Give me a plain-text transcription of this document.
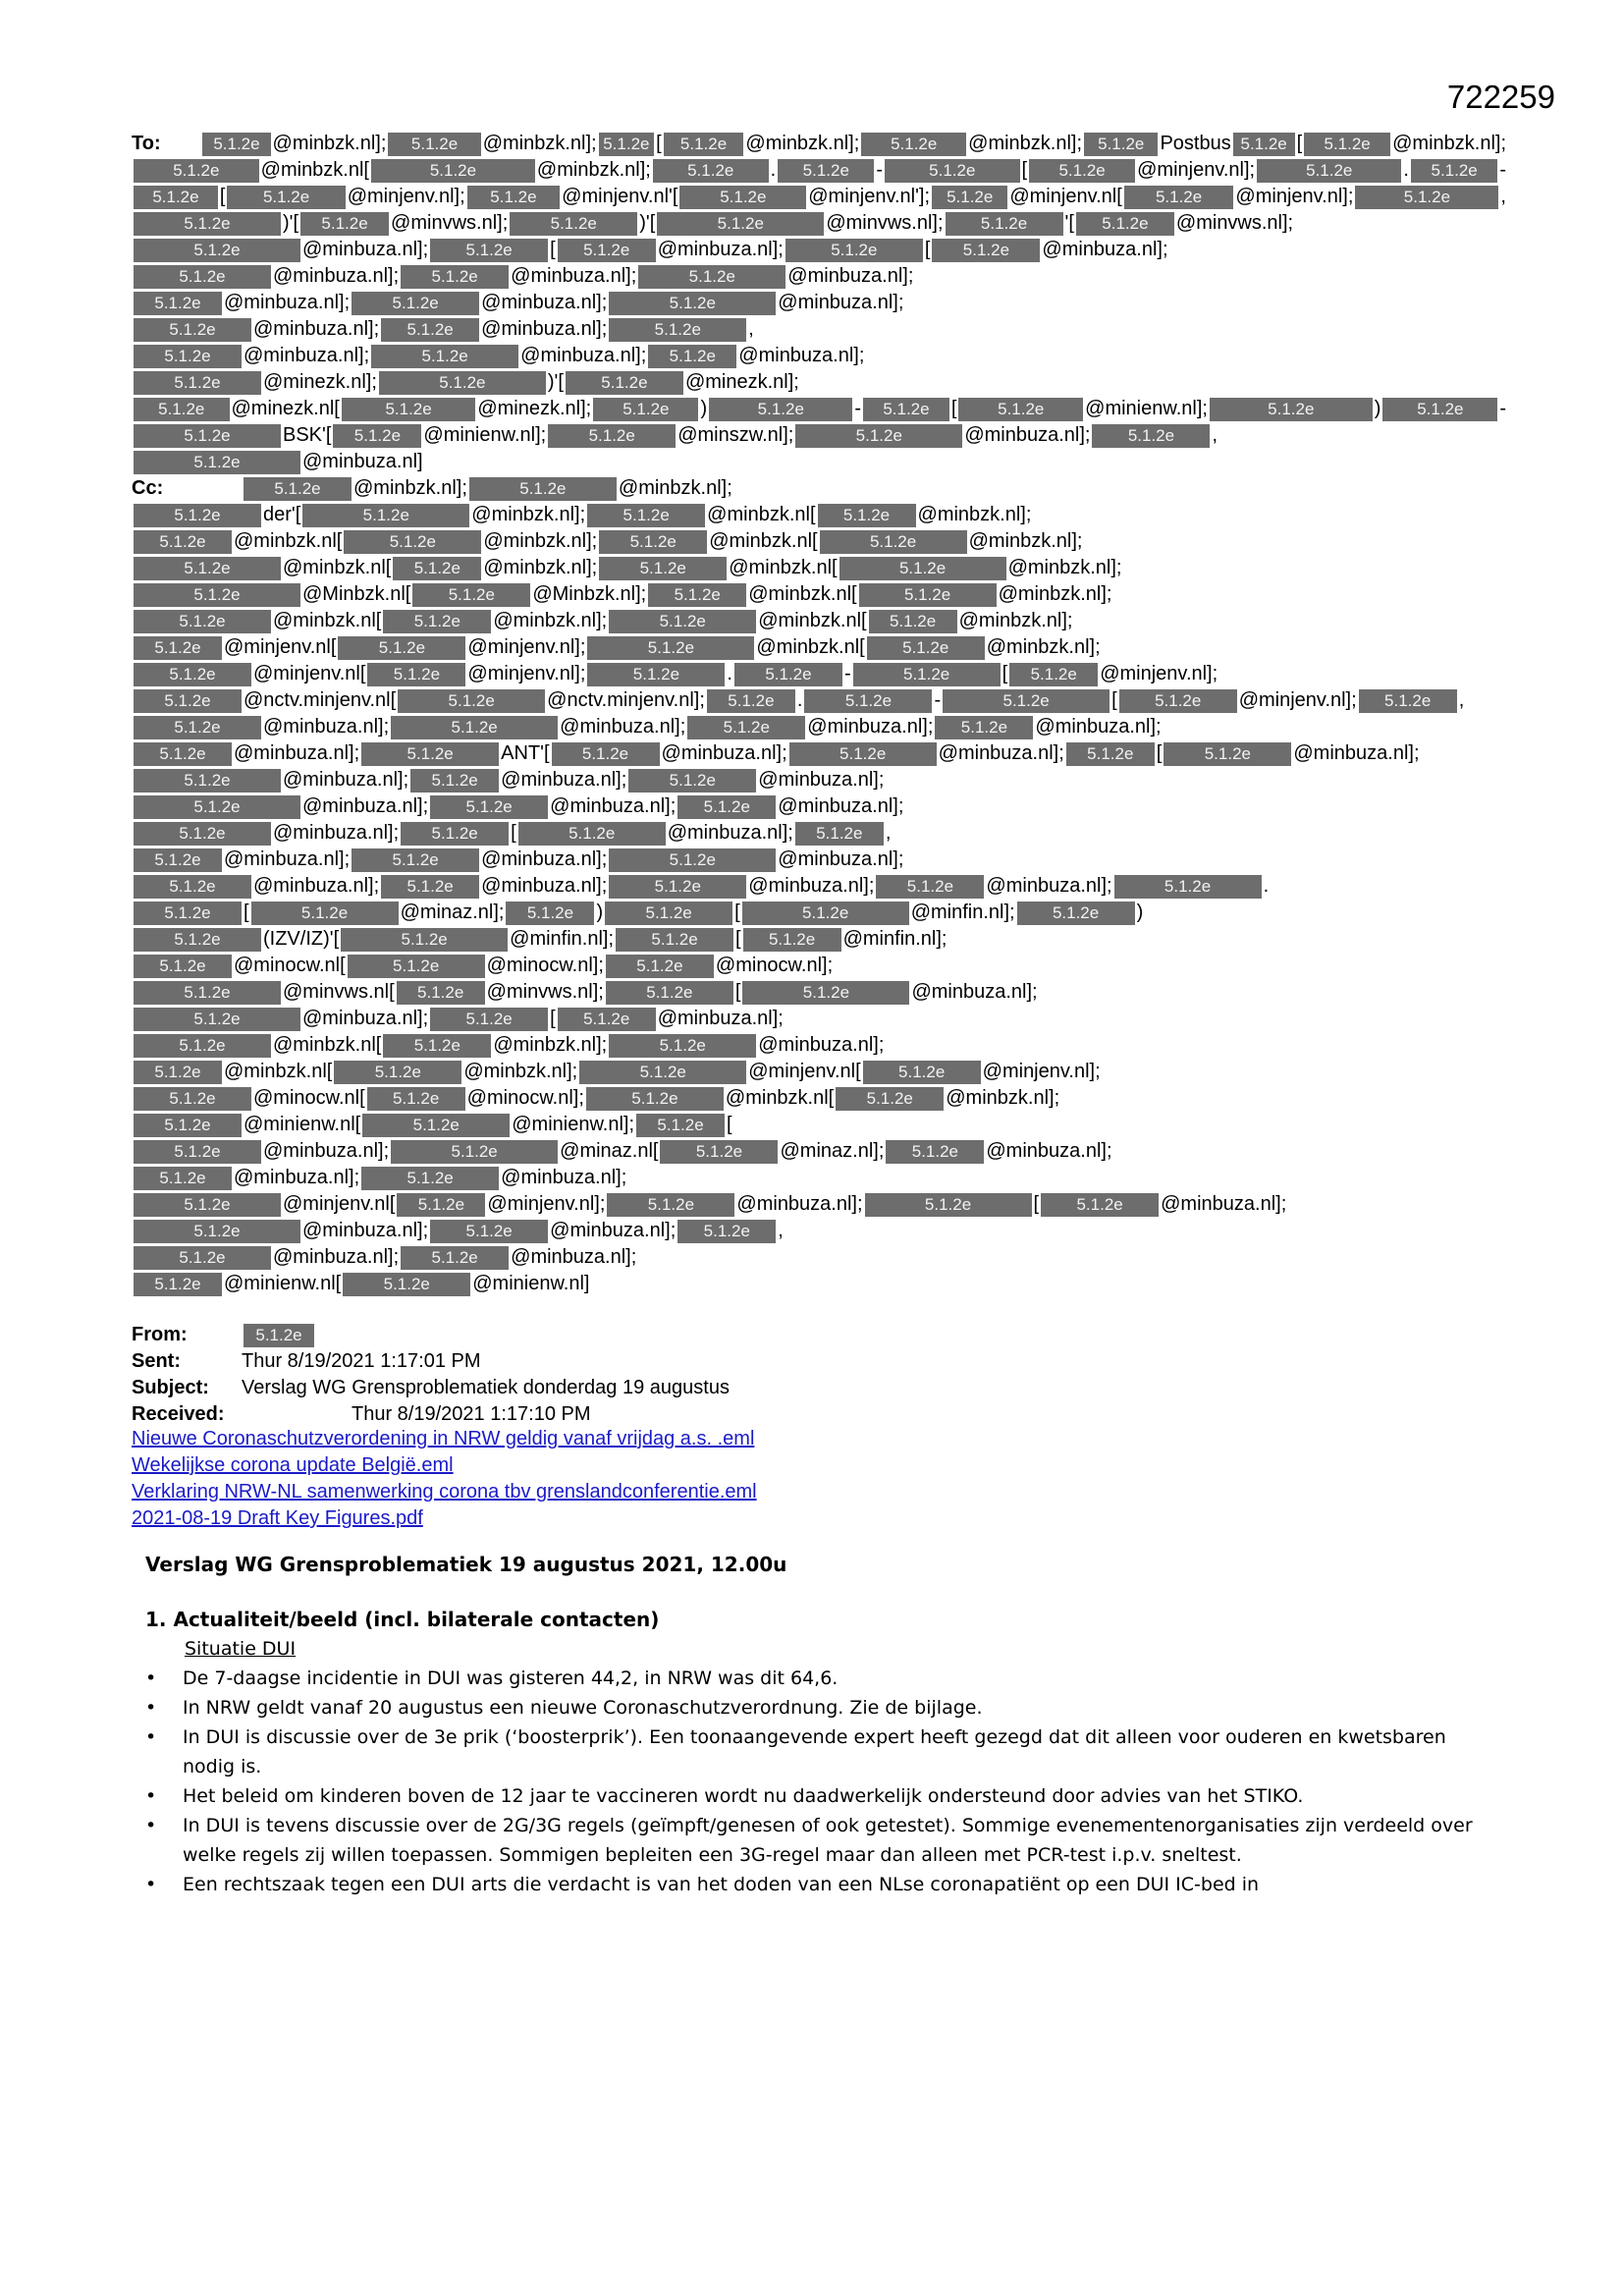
722259
To:	5.1.2e @minbzk.nl];	5.1.2e	@minbzk.nl]; 5.1.2e [	5.1.2e @minbzk.nl];	5.1.2e	@minbzk.nl]; 5.1.2e Postbus 5.1.2e [	5.1.2e	@minbzk.nl];
5.1.2e	@minbzk.nl[	5.1.2e	@minbzk.nl];	5.1.2e	.	5.1.2e	-	5.1.2e	[	5.1.2e	@minjenv.nl];	5.1.2e	.	5.1.2e	-
5.1.2e	[	5.1.2e	@minjenv.nl];	5.1.2e	@minjenv.nl'[	5.1.2e	@minjenv.nl'];	5.1.2e @minjenv.nl[	5.1.2e	@minjenv.nl];	5.1.2e	,
5.1.2e	)'[	5.1.2e	@minvws.nl];	5.1.2e	)'[	5.1.2e	@minvws.nl];	5.1.2e	'[	5.1.2e	@minvws.nl];
5.1.2e	@minbuza.nl];	5.1.2e	[	5.1.2e	@minbuza.nl];	5.1.2e	[	5.1.2e	@minbuza.nl];
5.1.2e	@minbuza.nl];	5.1.2e	@minbuza.nl];	5.1.2e	@minbuza.nl];
5.1.2e	@minbuza.nl];	5.1.2e	@minbuza.nl];	5.1.2e	@minbuza.nl];
5.1.2e	@minbuza.nl];	5.1.2e	@minbuza.nl];	5.1.2e	,
5.1.2e	@minbuza.nl];	5.1.2e	@minbuza.nl];	5.1.2e	@minbuza.nl];
5.1.2e	@minezk.nl];	5.1.2e	)'[	5.1.2e	@minezk.nl];
5.1.2e	@minezk.nl[	5.1.2e	@minezk.nl];	5.1.2e	)	5.1.2e	-	5.1.2e	[	5.1.2e	@minienw.nl];	5.1.2e	)	5.1.2e	-
5.1.2e	BSK'[	5.1.2e	@minienw.nl];	5.1.2e	@minszw.nl];	5.1.2e	@minbuza.nl];	5.1.2e	,
5.1.2e	@minbuza.nl]
Cc:	5.1.2e	@minbzk.nl];	5.1.2e	@minbzk.nl];
5.1.2e	der'[	5.1.2e	@minbzk.nl];	5.1.2e	@minbzk.nl[	5.1.2e	@minbzk.nl];
5.1.2e	@minbzk.nl[	5.1.2e	@minbzk.nl];	5.1.2e	@minbzk.nl[	5.1.2e	@minbzk.nl];
5.1.2e	@minbzk.nl[	5.1.2e	@minbzk.nl];	5.1.2e	@minbzk.nl[	5.1.2e	@minbzk.nl];
5.1.2e	@Minbzk.nl[	5.1.2e	@Minbzk.nl];	5.1.2e	@minbzk.nl[	5.1.2e	@minbzk.nl];
5.1.2e	@minbzk.nl[	5.1.2e	@minbzk.nl];	5.1.2e	@minbzk.nl[	5.1.2e	@minbzk.nl];
5.1.2e	@minjenv.nl[	5.1.2e	@minjenv.nl];	5.1.2e	@minbzk.nl[	5.1.2e	@minbzk.nl];
5.1.2e	@minjenv.nl[	5.1.2e	@minjenv.nl];	5.1.2e	.	5.1.2e	-	5.1.2e	[	5.1.2e	@minjenv.nl];
5.1.2e	@nctv.minjenv.nl[	5.1.2e	@nctv.minjenv.nl];	5.1.2e	.	5.1.2e	-	5.1.2e	[	5.1.2e	@minjenv.nl];	5.1.2e	,
5.1.2e	@minbuza.nl];	5.1.2e	@minbuza.nl];	5.1.2e	@minbuza.nl];	5.1.2e	@minbuza.nl];
5.1.2e	@minbuza.nl];	5.1.2e	ANT'[	5.1.2e	@minbuza.nl];	5.1.2e	@minbuza.nl];	5.1.2e	[	5.1.2e	@minbuza.nl];
5.1.2e	@minbuza.nl];	5.1.2e	@minbuza.nl];	5.1.2e	@minbuza.nl];
5.1.2e	@minbuza.nl];	5.1.2e	@minbuza.nl];	5.1.2e	@minbuza.nl];
5.1.2e	@minbuza.nl];	5.1.2e	[	5.1.2e	@minbuza.nl];	5.1.2e	,
5.1.2e	@minbuza.nl];	5.1.2e	@minbuza.nl];	5.1.2e	@minbuza.nl];
5.1.2e	@minbuza.nl];	5.1.2e	@minbuza.nl];	5.1.2e	@minbuza.nl];	5.1.2e	@minbuza.nl];	5.1.2e	.
5.1.2e	[	5.1.2e	@minaz.nl];	5.1.2e	)	5.1.2e	[	5.1.2e	@minfin.nl];	5.1.2e	)
5.1.2e	(IZV/IZ)'[	5.1.2e	@minfin.nl];	5.1.2e	[	5.1.2e	@minfin.nl];
5.1.2e	@minocw.nl[	5.1.2e	@minocw.nl];	5.1.2e	@minocw.nl];
5.1.2e	@minvws.nl[	5.1.2e	@minvws.nl];	5.1.2e	[	5.1.2e	@minbuza.nl];
5.1.2e	@minbuza.nl];	5.1.2e	[	5.1.2e	@minbuza.nl];
5.1.2e	@minbzk.nl[	5.1.2e	@minbzk.nl];	5.1.2e	@minbuza.nl];
5.1.2e	@minbzk.nl[	5.1.2e	@minbzk.nl];	5.1.2e	@minjenv.nl[	5.1.2e	@minjenv.nl];
5.1.2e	@minocw.nl[	5.1.2e	@minocw.nl];	5.1.2e	@minbzk.nl[	5.1.2e	@minbzk.nl];
5.1.2e	@minienw.nl[	5.1.2e	@minienw.nl];	5.1.2e	[
5.1.2e	@minbuza.nl];	5.1.2e	@minaz.nl[	5.1.2e	@minaz.nl];	5.1.2e	@minbuza.nl];
5.1.2e	@minbuza.nl];	5.1.2e	@minbuza.nl];
5.1.2e	@minjenv.nl[	5.1.2e	@minjenv.nl];	5.1.2e	@minbuza.nl];	5.1.2e	[	5.1.2e	@minbuza.nl];
5.1.2e	@minbuza.nl];	5.1.2e	@minbuza.nl];	5.1.2e	,
5.1.2e	@minbuza.nl];	5.1.2e	@minbuza.nl];
5.1.2e	@minienw.nl[	5.1.2e	@minienw.nl]
From:	5.1.2e
Sent:	Thur 8/19/2021 1:17:01 PM
Subject: Verslag WG Grensproblematiek donderdag 19 augustus
Received:	Thur 8/19/2021 1:17:10 PM
Nieuwe Coronaschutzverordening in NRW geldig vanaf vrijdag a.s. .eml
Wekelijkse corona update België.eml
Verklaring NRW-NL samenwerking corona tbv grenslandconferentie.eml
2021-08-19 Draft Key Figures.pdf
Verslag WG Grensproblematiek 19 augustus 2021, 12.00u
1. Actualiteit/beeld (incl. bilaterale contacten)
Situatie DUI
• De 7-daagse incidentie in DUI was gisteren 44,2, in NRW was dit 64,6.
• In NRW geldt vanaf 20 augustus een nieuwe Coronaschutzverordnung. Zie de bijlage.
• In DUI is discussie over de 3e prik (‘boosterprik’). Een toonaangevende expert heeft gezegd dat dit alleen voor ouderen en kwetsbaren nodig is.
• Het beleid om kinderen boven de 12 jaar te vaccineren wordt nu daadwerkelijk ondersteund door advies van het STIKO.
• In DUI is tevens discussie over de 2G/3G regels (geïmpft/genesen of ook getestet). Sommige evenementenorganisaties zijn verdeeld over welke regels zij willen toepassen. Sommigen bepleiten een 3G-regel maar dan alleen met PCR-test i.p.v. sneltest.
• Een rechtszaak tegen een DUI arts die verdacht is van het doden van een NLse coronapatiënt op een DUI IC-bed in
